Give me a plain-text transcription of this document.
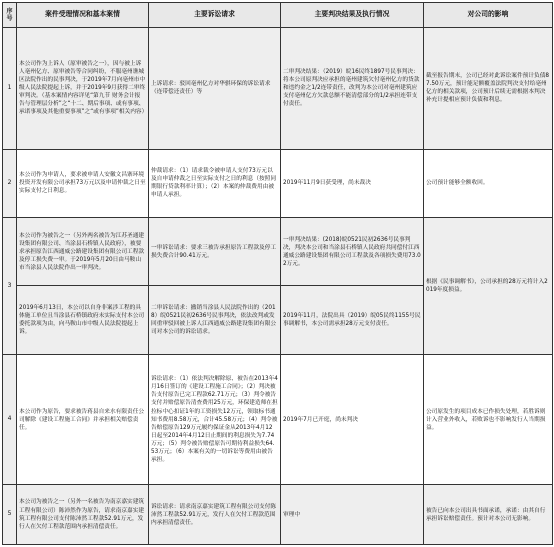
序号	案件受理情况和基本案情	主要诉讼请求	主要判决结果及执行情况	对公司的影响
1	本公司作为上诉人（原审被告之一），因与被上诉人亳州亿方、原审被告等合同纠纷，不服亳州谯城区法院作出的民事判决，于2019年7月向亳州市中级人民法院提起上诉，并于2019年9月获得二审终审判决。（基本案情内容详见“第九节 财务会计报告与管理层分析”之“十二、期后事项、或有事项、承诺事项及其他重要事项”之“或有事项”相关内容）	上诉请求：驳回亳州亿方对华骐环保的诉讼请求（连带偿还责任）等	二审判决结果：（2019）皖16民终1897号民事判决：将本公司原判决应承担的亳州建筑欠付亳州亿方的货款和违约金之1/2连带责任，改判为本公司对亳州建筑应支付亳州亿方欠款总额不能清偿部分的1/2承担连带支付责任。	截至报告期末，公司已经对此诉讼案件预计负债87.50万元，预计能足额覆盖法院判决支付给亳州亿方的相关款项，公司预计后续无需根据本判决补充计提相应预计负债和利息。
2	本公司作为申请人，要求被申请人安徽文昌寨环境投资开发有限公司承担73万元以及申请仲裁之日至实际支付之日利息。	仲裁请求：（1）请求裁令被申请人支付73万元以及自申请仲裁之日至实际支付之日的利息（按照同期银行贷款利率计算）；（2）本案的仲裁费用由被申请人承担。	2019年11月9日获受理，尚未裁决	公司预计能够全额收回。
3	本公司作为被告之一（另外两名被告为江苏圣通建设集团有限公司、当涂县石桥镇人民政府），被要求承担原告江西通威公路建设集团有限公司工程款及停工损失费一审。于2019年5月20日由马鞍山市当涂县人民法院作出一审判决。	一审诉讼请求：要求三被告承担原告工程款及停工损失费合计90.41万元。	一审判决结果：(2018)皖0521民初2636号民事判决，判决本公司和当涂县石桥镇人民政府共同偿付江西通威公路建设集团有限公司工程款及各项损失费用73.02万元。	根据《民事调解书》，公司承担的28万元将计入2019年度损益。
	2019年6月13日，本公司以自身非案涉工程的具体施工单位且当涂县石桥镇政府未实际支付本公司委托款项为由，向马鞍山市中级人民法院提起上诉。	二审诉讼请求：撤销当涂县人民法院作出的（2018）皖0521民初2636号民事判决，依法改判或发回重审驳回被上诉人江西通威公路建设集团有限公司对本公司的诉讼请求。	2019年11月，法院出具（2019）皖05民终1155号民事调解书，本公司需承担28万元支付责任。	
4	本公司作为原告，要求被告蒋县自来水有限责任公司解除《建设工程施工合同》并承担相关赔偿责任。	诉讼请求：（1）依法判决解除原、被告在2013年4月16日签订的《建设工程施工合同》；（2）判决被告支付原告已完工程款62.71万元；（3）判令被告支付并赔偿原告清查费用25万元，环保建造师在担拉标中心扣证1年的工资损失12万元，领取标书通知书费用8.58万元，合计45.58万元；（4）判令被告赔偿原告129万元履约保证金从2013年4月12日起至2014年4月12日止期间的利息损失为7.74万元；（5）判令被告赔偿原告可期待利益损失64.53万元；（6）本案有关的一切诉讼等费用由被告承担。	2019年7月已开庭，尚未判决	公司原发生的项目成本已作损失处理，若胜诉则计入营业外收入，若败诉也不影响发行人当期损益。
5	本公司为被告之一（另外一名被告为南京嘉实建筑工程有限公司）陈沛然作为原告，请求南京嘉实建筑工程有限公司支付陈沛然工程款52.91万元，发行人在欠付工程款范围内承担清偿责任。	诉讼请求：请求南京嘉实建筑工程有限公司支付陈沛然工程款52.91万元，发行人在欠付工程款范围内承担清偿责任。	审理中	被告已向本公司出具书面承诺，承诺：由其自行承担诉讼赔偿责任。预计对本公司无影响。
